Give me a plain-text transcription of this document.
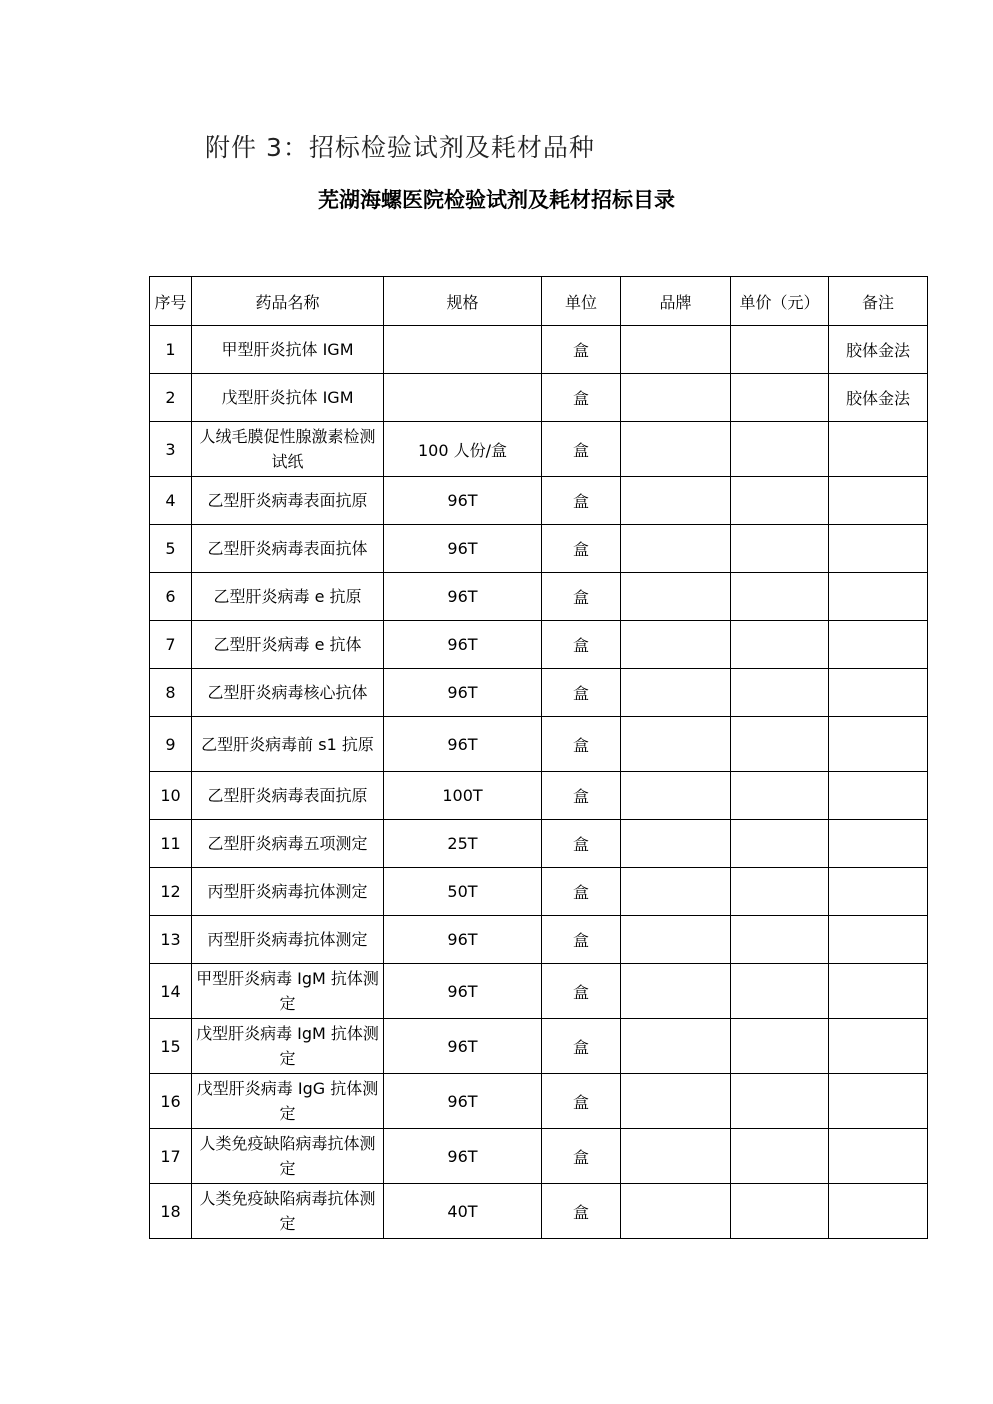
附件 3：招标检验试剂及耗材品种
芜湖海螺医院检验试剂及耗材招标目录
序号	药品名称	规格	单位	品牌	单价（元）	备注
1	甲型肝炎抗体 IGM		盒			胶体金法
2	戊型肝炎抗体 IGM		盒			胶体金法
3	人绒毛膜促性腺激素检测试纸	100 人份/盒	盒			
4	乙型肝炎病毒表面抗原	96T	盒			
5	乙型肝炎病毒表面抗体	96T	盒			
6	乙型肝炎病毒 e 抗原	96T	盒			
7	乙型肝炎病毒 e 抗体	96T	盒			
8	乙型肝炎病毒核心抗体	96T	盒			
9	乙型肝炎病毒前 s1 抗原	96T	盒			
10	乙型肝炎病毒表面抗原	100T	盒			
11	乙型肝炎病毒五项测定	25T	盒			
12	丙型肝炎病毒抗体测定	50T	盒			
13	丙型肝炎病毒抗体测定	96T	盒			
14	甲型肝炎病毒 IgM 抗体测定	96T	盒			
15	戊型肝炎病毒 IgM 抗体测定	96T	盒			
16	戊型肝炎病毒 IgG 抗体测定	96T	盒			
17	人类免疫缺陷病毒抗体测定	96T	盒			
18	人类免疫缺陷病毒抗体测定	40T	盒			
